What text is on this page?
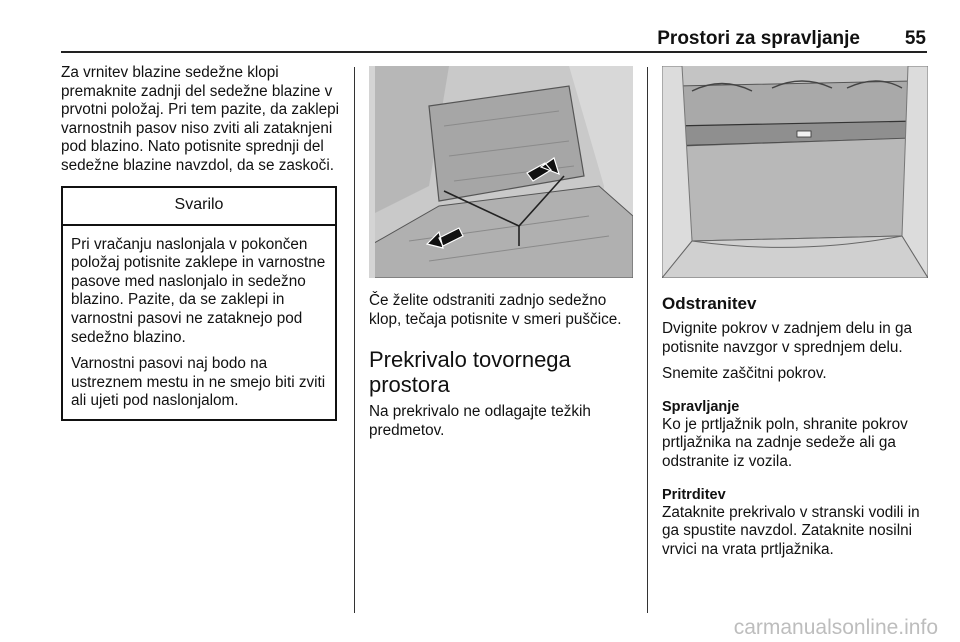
Prostori za spravljanje	55

Za vrnitev blazine sedežne klopi premaknite zadnji del sedežne blazine v prvotni položaj. Pri tem pazite, da zaklepi varnostnih pasov niso zviti ali zataknjeni pod blazino. Nato potisnite sprednji del sedežne blazine navzdol, da se zaskoči.

Svarilo

Pri vračanju naslonjala v pokončen položaj potisnite zaklepe in varnostne pasove med naslonjalo in sedežno blazino. Pazite, da se zaklepi in varnostni pasovi ne zataknejo pod sedežno blazino.

Varnostni pasovi naj bodo na ustreznem mestu in ne smejo biti zviti ali ujeti pod naslonjalom.

Če želite odstraniti zadnjo sedežno klop, tečaja potisnite v smeri puščice.

Prekrivalo tovornega prostora

Na prekrivalo ne odlagajte težkih predmetov.

Odstranitev

Dvignite pokrov v zadnjem delu in ga potisnite navzgor v sprednjem delu.

Snemite zaščitni pokrov.

Spravljanje

Ko je prtljažnik poln, shranite pokrov prtljažnika na zadnje sedeže ali ga odstranite iz vozila.

Pritrditev

Zataknite prekrivalo v stranski vodili in ga spustite navzdol. Zataknite nosilni vrvici na vrata prtljažnika.

carmanualsonline.info
